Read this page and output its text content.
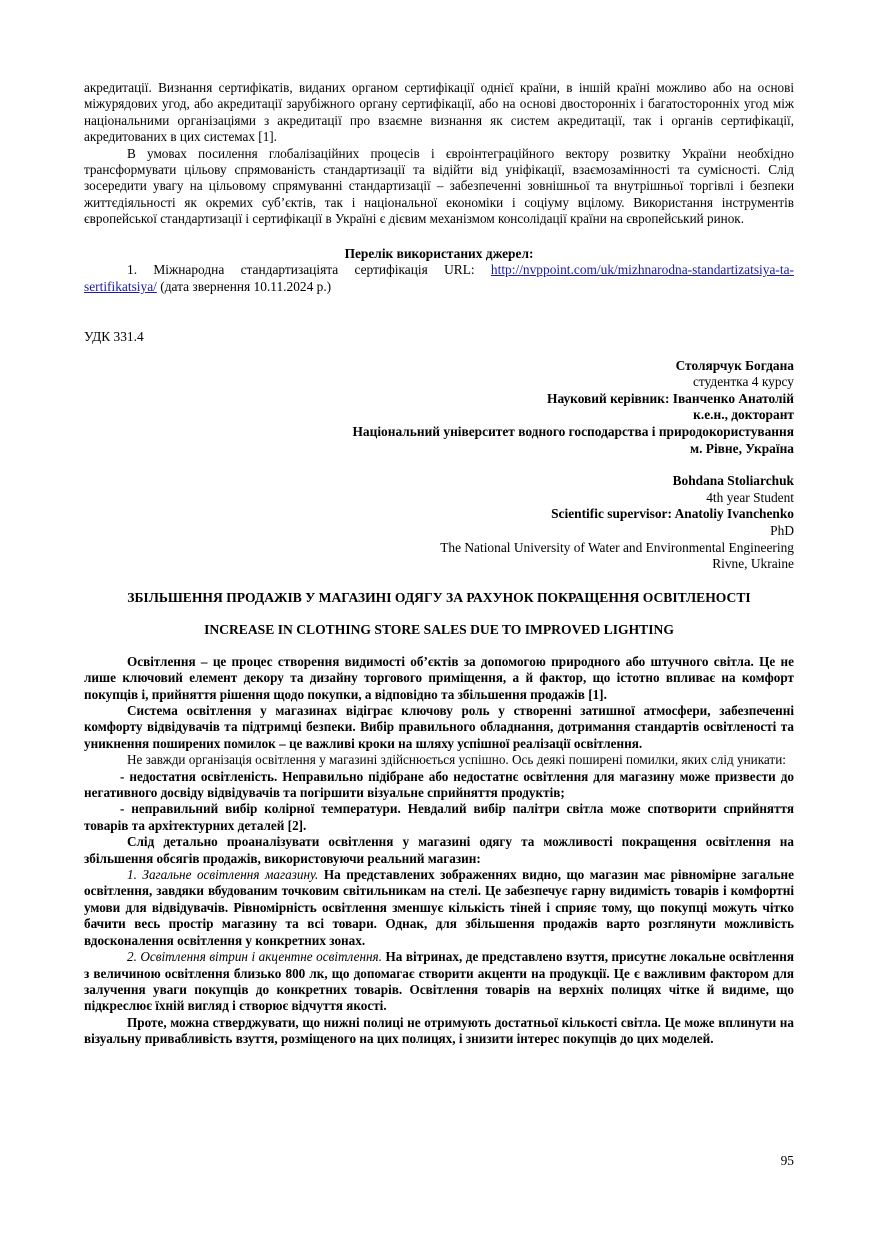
акредитації. Визнання сертифікатів, виданих органом сертифікації однієї країни, в іншій країні можливо або на основі міжурядових угод, або акредитації зарубіжного органу сертифікації, або на основі двосторонніх і багатосторонніх угод між національними організаціями з акредитації про взаємне визнання як систем акредитації, так і органів сертифікації, акредитованих в цих системах [1].

В умовах посилення глобалізаційних процесів і євроінтеграційного вектору розвитку України необхідно трансформувати цільову спрямованість стандартизації та відійти від уніфікації, взаємозамінності та сумісності. Слід зосередити увагу на цільовому спрямуванні стандартизації – забезпеченні зовнішньої та внутрішньої торгівлі і безпеки життєдіяльності як окремих суб’єктів, так і національної економіки і соціуму вцілому. Використання інструментів європейської стандартизації і сертифікації в Україні є дієвим механізмом консолідації країни на європейський ринок.

Перелік використаних джерел:

1. Міжнародна стандартизаціята сертифікація URL: http://nvppoint.com/uk/mizhnarodna-standartizatsiya-ta-sertifikatsiya/ (дата звернення 10.11.2024 р.)

УДК 331.4

Столярчук Богдана

студентка 4 курсу

Науковий керівник: Іванченко Анатолій

к.е.н., докторант

Національний університет водного господарства і природокористування

м. Рівне, Україна

Bohdana Stoliarchuk

4th year Student

Scientific supervisor: Anatoliy Ivanchenko

PhD

The National University of Water and Environmental Engineering

Rivne, Ukraine

ЗБІЛЬШЕННЯ ПРОДАЖІВ У МАГАЗИНІ ОДЯГУ ЗА РАХУНОК ПОКРАЩЕННЯ ОСВІТЛЕНОСТІ

INCREASE IN CLOTHING STORE SALES DUE TO IMPROVED LIGHTING

Освітлення – це процес створення видимості об’єктів за допомогою природного або штучного світла. Це не лише ключовий елемент декору та дизайну торгового приміщення, а й фактор, що істотно впливає на комфорт покупців і, прийняття рішення щодо покупки, а відповідно та збільшення продажів [1].

Система освітлення у магазинах відіграє ключову роль у створенні затишної атмосфери, забезпеченні комфорту відвідувачів та підтримці безпеки. Вибір правильного обладнання, дотримання стандартів освітленості та уникнення поширених помилок – це важливі кроки на шляху успішної реалізації освітлення.

Не завжди організація освітлення у магазині здійснюється успішно. Ось деякі поширені помилки, яких слід уникати:

- недостатня освітленість. Неправильно підібране або недостатнє освітлення для магазину може призвести до негативного досвіду відвідувачів та погіршити візуальне сприйняття продуктів;

- неправильний вибір колірної температури. Невдалий вибір палітри світла може спотворити сприйняття товарів та архітектурних деталей [2].

Слід детально проаналізувати освітлення у магазині одягу та можливості покращення освітлення на збільшення обсягів продажів, використовуючи реальний магазин:

1. Загальне освітлення магазину. На представлених зображеннях видно, що магазин має рівномірне загальне освітлення, завдяки вбудованим точковим світильникам на стелі. Це забезпечує гарну видимість товарів і комфортні умови для відвідувачів. Рівномірність освітлення зменшує кількість тіней і сприяє тому, що покупці можуть чітко бачити весь простір магазину та всі товари. Однак, для збільшення продажів варто розглянути можливість вдосконалення освітлення у конкретних зонах.

2. Освітлення вітрин і акцентне освітлення. На вітринах, де представлено взуття, присутнє локальне освітлення з величиною освітлення близько 800 лк, що допомагає створити акценти на продукції. Це є важливим фактором для залучення уваги покупців до конкретних товарів. Освітлення товарів на верхніх полицях чітке й видиме, що підкреслює їхній вигляд і створює відчуття якості.

Проте, можна стверджувати, що нижні полиці не отримують достатньої кількості світла. Це може вплинути на візуальну привабливість взуття, розміщеного на цих полицях, і знизити інтерес покупців до цих моделей.

95
